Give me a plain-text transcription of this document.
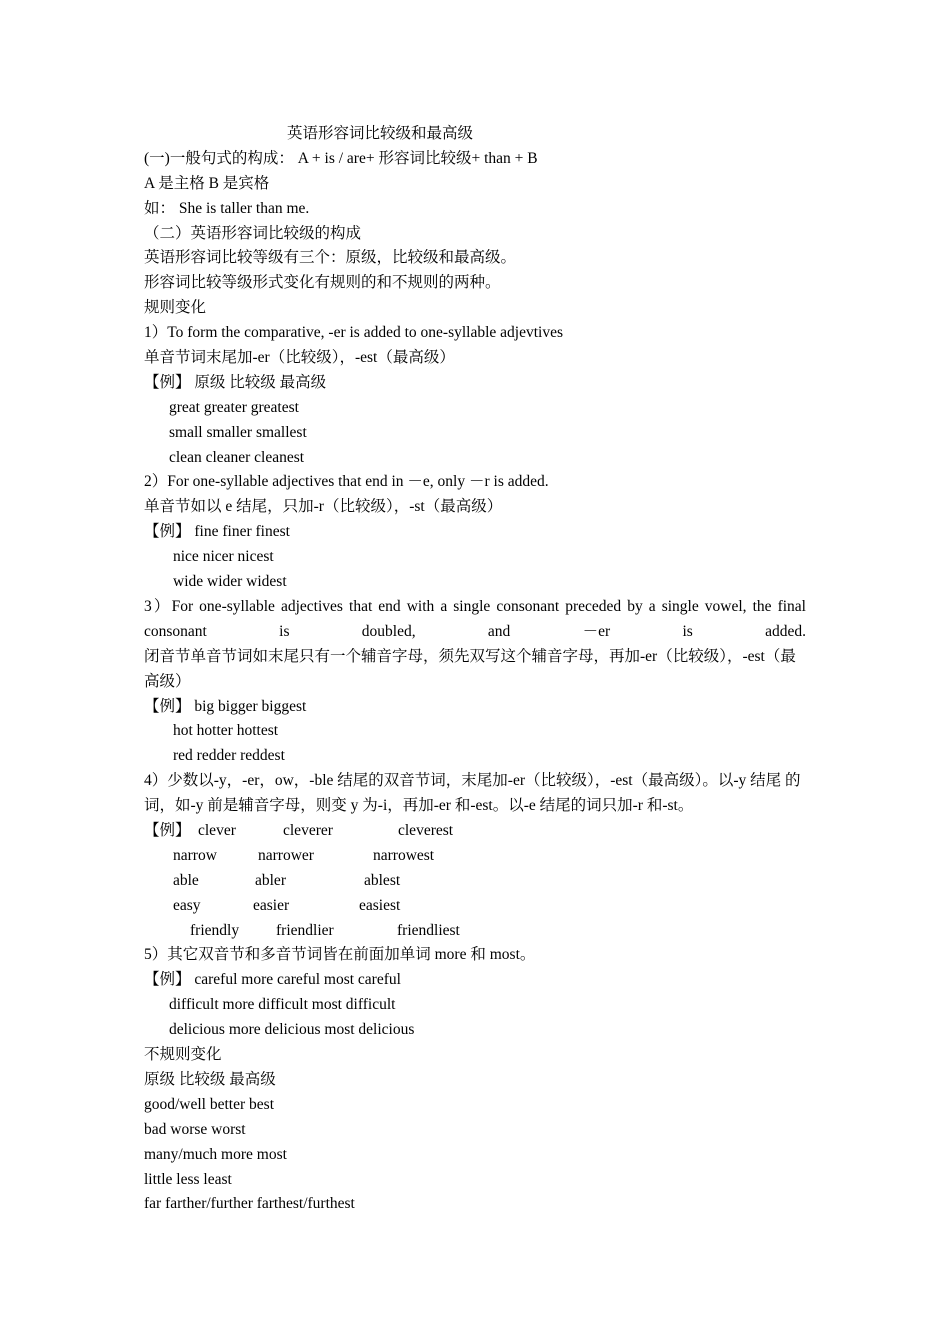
英语形容词比较级和最高级
(一)一般句式的构成： A + is / are+ 形容词比较级+ than + B
A 是主格 B 是宾格
如： She is taller than me.
（二）英语形容词比较级的构成
英语形容词比较等级有三个：原级，比较级和最高级。
形容词比较等级形式变化有规则的和不规则的两种。
规则变化
1）To form the comparative, -er is added to one-syllable adjevtives
单音节词末尾加-er（比较级），-est（最高级）
【例】 原级 比较级 最高级
great greater greatest
small smaller smallest
clean cleaner cleanest
2）For one-syllable adjectives that end in －e, only －r is added.
单音节如以 e 结尾，只加-r（比较级），-st（最高级）
【例】 fine finer finest
nice nicer nicest
wide wider widest
3）For one-syllable adjectives that end with a single consonant preceded by a single vowel, the final consonant is doubled, and －er is added.
闭音节单音节词如末尾只有一个辅音字母，须先双写这个辅音字母，再加-er（比较级），-est（最高级）
【例】 big bigger biggest
hot hotter hottest
red redder reddest
4）少数以-y，-er，ow，-ble 结尾的双音节词，末尾加-er（比较级），-est（最高级）。以-y 结尾 的词，如-y 前是辅音字母，则变 y 为-i，再加-er 和-est。以-e 结尾的词只加-r 和-st。
【例】 clever	cleverer	cleverest
narrow	narrower	narrowest
able	abler	ablest
easy	easier	easiest
friendly	friendlier	friendliest
5）其它双音节和多音节词皆在前面加单词 more 和 most。
【例】 careful more careful most careful
difficult more difficult most difficult
delicious more delicious most delicious
不规则变化
原级 比较级 最高级
good/well better best
bad worse worst
many/much more most
little less least
far farther/further farthest/furthest
